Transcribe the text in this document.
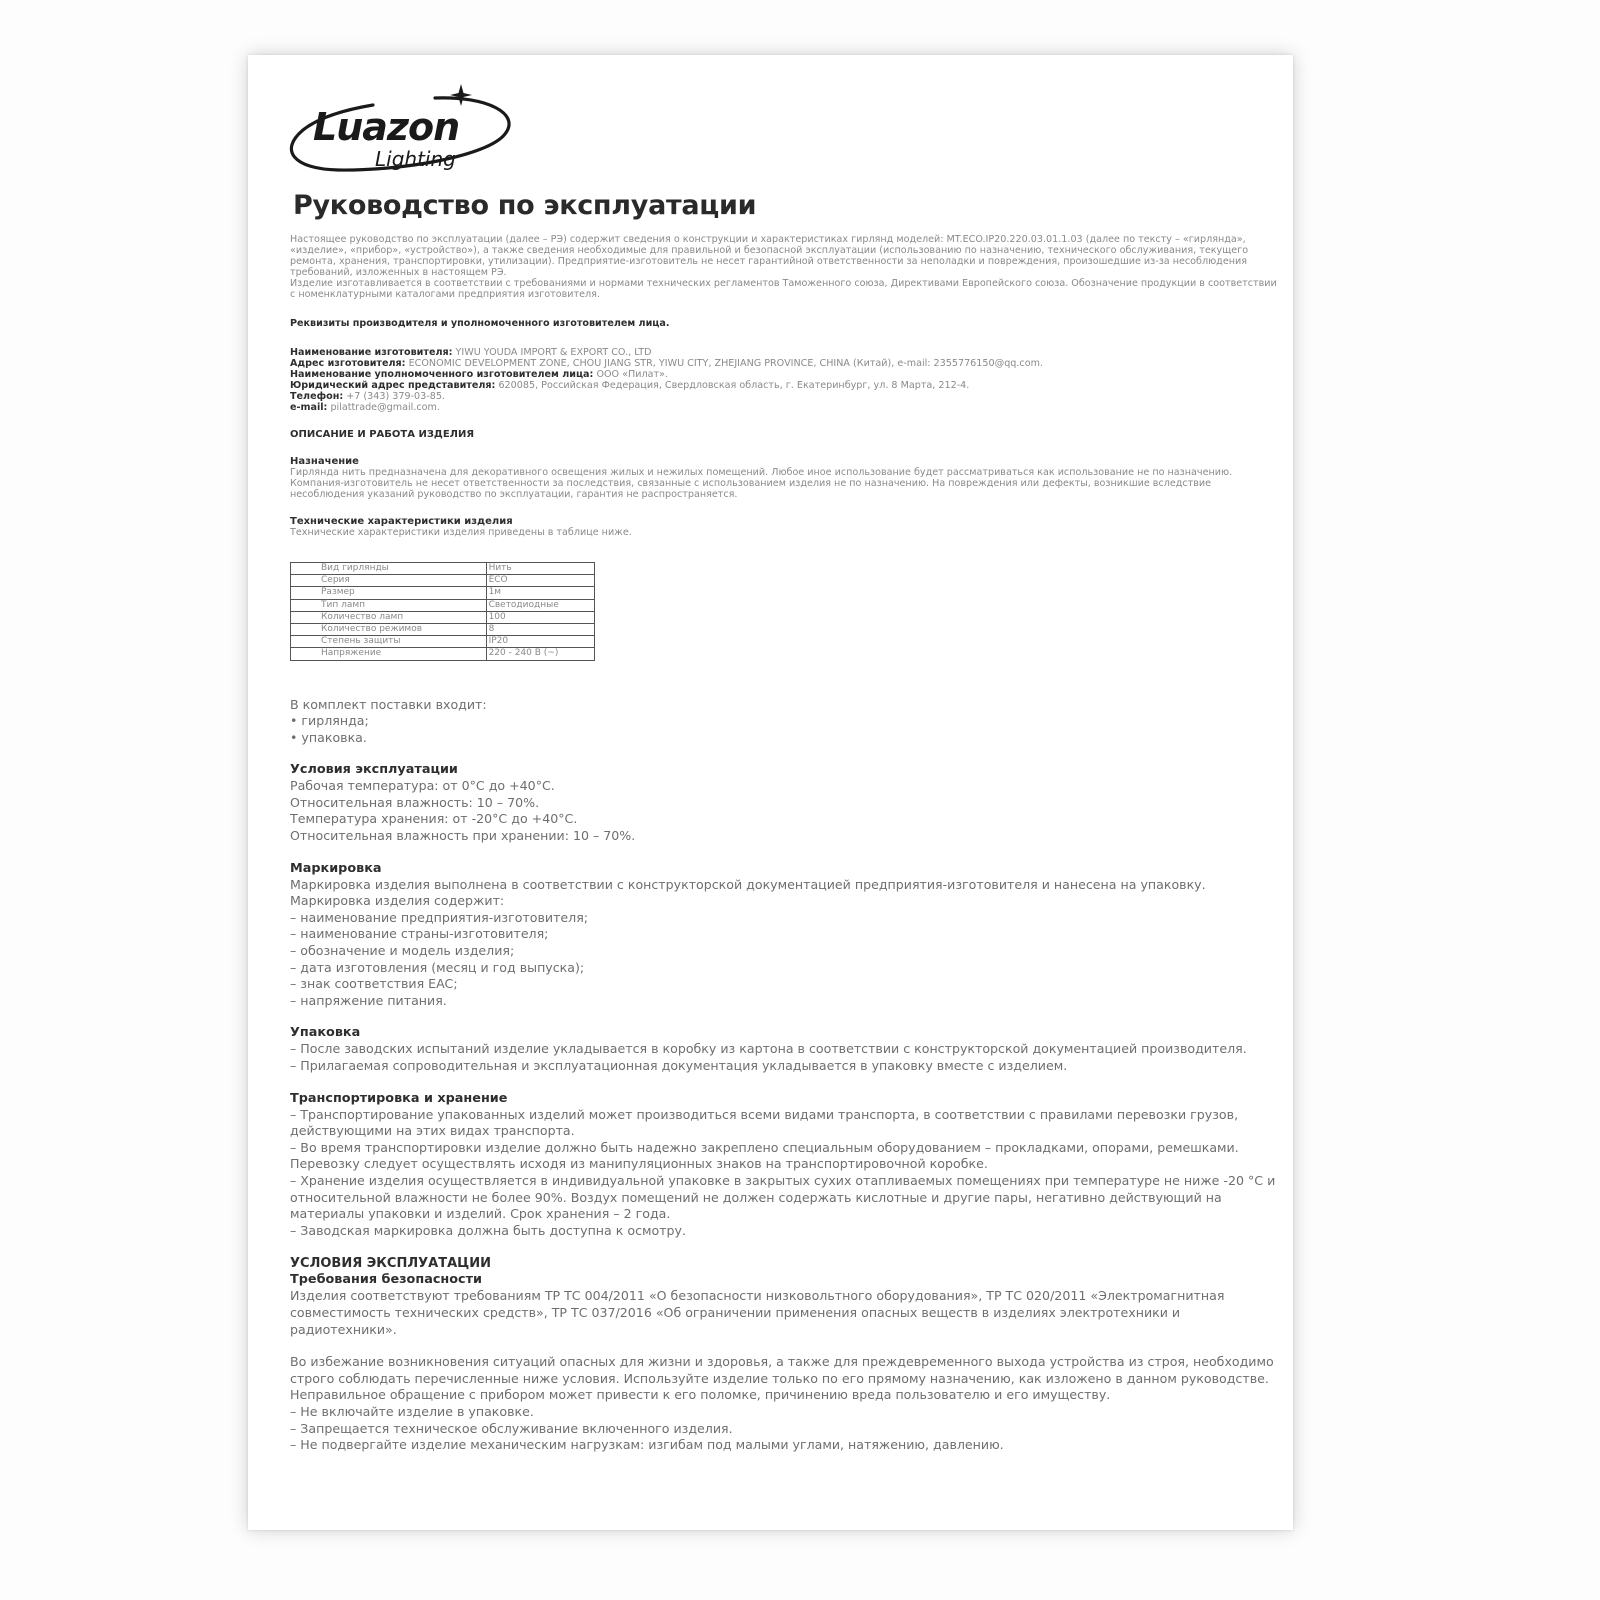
Luazon
Lighting
Руководство по эксплуатации

Настоящее руководство по эксплуатации (далее – РЭ) содержит сведения о конструкции и характеристиках гирлянд моделей: MT.ECO.IP20.220.03.01.1.03 (далее по тексту – «гирлянда», «изделие», «прибор», «устройство»), а также сведения необходимые для правильной и безопасной эксплуатации (использованию по назначению, технического обслуживания, текущего ремонта, хранения, транспортировки, утилизации). Предприятие-изготовитель не несет гарантийной ответственности за неполадки и повреждения, произошедшие из-за несоблюдения требований, изложенных в настоящем РЭ.

Изделие изготавливается в соответствии с требованиями и нормами технических регламентов Таможенного союза, Директивами Европейского союза. Обозначение продукции в соответствии с номенклатурными каталогами предприятия изготовителя.

Реквизиты производителя и уполномоченного изготовителем лица.

Наименование изготовителя: YIWU YOUDA IMPORT & EXPORT CO., LTD

Адрес изготовителя: ECONOMIC DEVELOPMENT ZONE, CHOU JIANG STR, YIWU CITY, ZHEJIANG PROVINCE, CHINA (Китай), e-mail: 2355776150@qq.com.

Наименование уполномоченного изготовителем лица: ООО «Пилат».

Юридический адрес представителя: 620085, Российская Федерация, Свердловская область, г. Екатеринбург, ул. 8 Марта, 212-4.

Телефон: +7 (343) 379-03-85.

e-mail: pilattrade@gmail.com.

ОПИСАНИЕ И РАБОТА ИЗДЕЛИЯ

Назначение

Гирлянда нить предназначена для декоративного освещения жилых и нежилых помещений. Любое иное использование будет рассматриваться как использование не по назначению.

Компания-изготовитель не несет ответственности за последствия, связанные с использованием изделия не по назначению. На повреждения или дефекты, возникшие вследствие несоблюдения указаний руководство по эксплуатации, гарантия не распространяется.

Технические характеристики изделия

Технические характеристики изделия приведены в таблице ниже.

Вид гирлянды	Нить
Серия	ECO
Размер	1м
Тип ламп	Светодиодные
Количество ламп	100
Количество режимов	8
Степень защиты	IP20
Напряжение	220 - 240 В (~)

В комплект поставки входит:

• гирлянда;

• упаковка.

Условия эксплуатации

Рабочая температура: от 0°С до +40°С.

Относительная влажность: 10 – 70%.

Температура хранения: от -20°С до +40°С.

Относительная влажность при хранении: 10 – 70%.

Маркировка

Маркировка изделия выполнена в соответствии с конструкторской документацией предприятия-изготовителя и нанесена на упаковку.

Маркировка изделия содержит:

– наименование предприятия-изготовителя;

– наименование страны-изготовителя;

– обозначение и модель изделия;

– дата изготовления (месяц и год выпуска);

– знак соответствия EAC;

– напряжение питания.

Упаковка

– После заводских испытаний изделие укладывается в коробку из картона в соответствии с конструкторской документацией производителя.

– Прилагаемая сопроводительная и эксплуатационная документация укладывается в упаковку вместе с изделием.

Транспортировка и хранение

– Транспортирование упакованных изделий может производиться всеми видами транспорта, в соответствии с правилами перевозки грузов, действующими на этих видах транспорта.

– Во время транспортировки изделие должно быть надежно закреплено специальным оборудованием – прокладками, опорами, ремешками. Перевозку следует осуществлять исходя из манипуляционных знаков на транспортировочной коробке.

– Хранение изделия осуществляется в индивидуальной упаковке в закрытых сухих отапливаемых помещениях при температуре не ниже -20 °С и относительной влажности не более 90%. Воздух помещений не должен содержать кислотные и другие пары, негативно действующий на материалы упаковки и изделий. Срок хранения – 2 года.

– Заводская маркировка должна быть доступна к осмотру.

УСЛОВИЯ ЭКСПЛУАТАЦИИ

Требования безопасности

Изделия соответствуют требованиям ТР ТС 004/2011 «О безопасности низковольтного оборудования», ТР ТС 020/2011 «Электромагнитная совместимость технических средств», ТР ТС 037/2016 «Об ограничении применения опасных веществ в изделиях электротехники и радиотехники».

Во избежание возникновения ситуаций опасных для жизни и здоровья, а также для преждевременного выхода устройства из строя, необходимо строго соблюдать перечисленные ниже условия. Используйте изделие только по его прямому назначению, как изложено в данном руководстве. Неправильное обращение с прибором может привести к его поломке, причинению вреда пользователю и его имуществу.

– Не включайте изделие в упаковке.

– Запрещается техническое обслуживание включенного изделия.

– Не подвергайте изделие механическим нагрузкам: изгибам под малыми углами, натяжению, давлению.
